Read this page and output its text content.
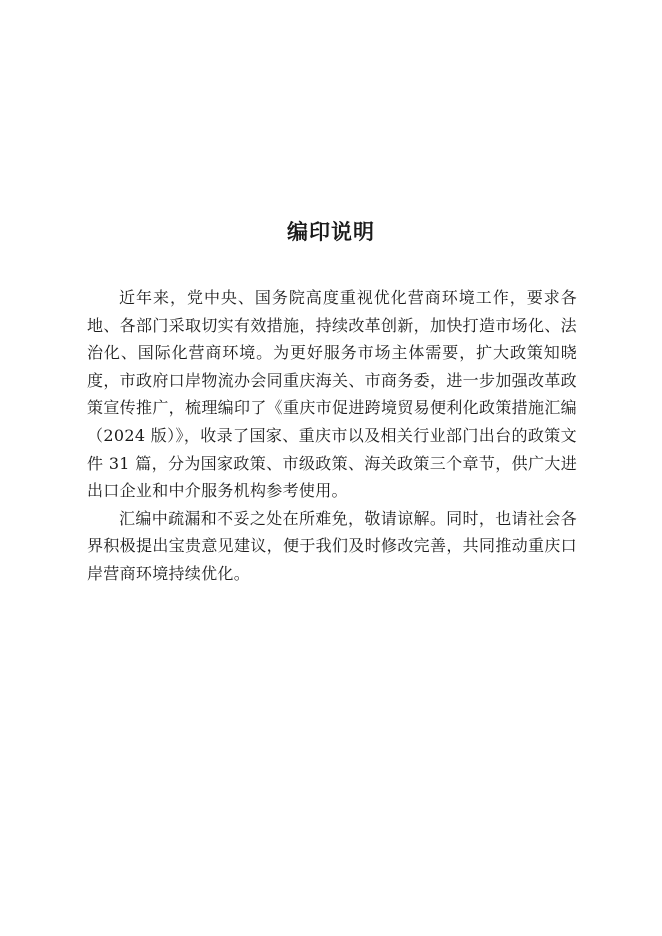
编印说明

近年来，党中央、国务院高度重视优化营商环境工作，要求各地、各部门采取切实有效措施，持续改革创新，加快打造市场化、法治化、国际化营商环境。为更好服务市场主体需要，扩大政策知晓度，市政府口岸物流办会同重庆海关、市商务委，进一步加强改革政策宣传推广，梳理编印了《重庆市促进跨境贸易便利化政策措施汇编（2024 版）》，收录了国家、重庆市以及相关行业部门出台的政策文件 31 篇，分为国家政策、市级政策、海关政策三个章节，供广大进出口企业和中介服务机构参考使用。

汇编中疏漏和不妥之处在所难免，敬请谅解。同时，也请社会各界积极提出宝贵意见建议，便于我们及时修改完善，共同推动重庆口岸营商环境持续优化。
